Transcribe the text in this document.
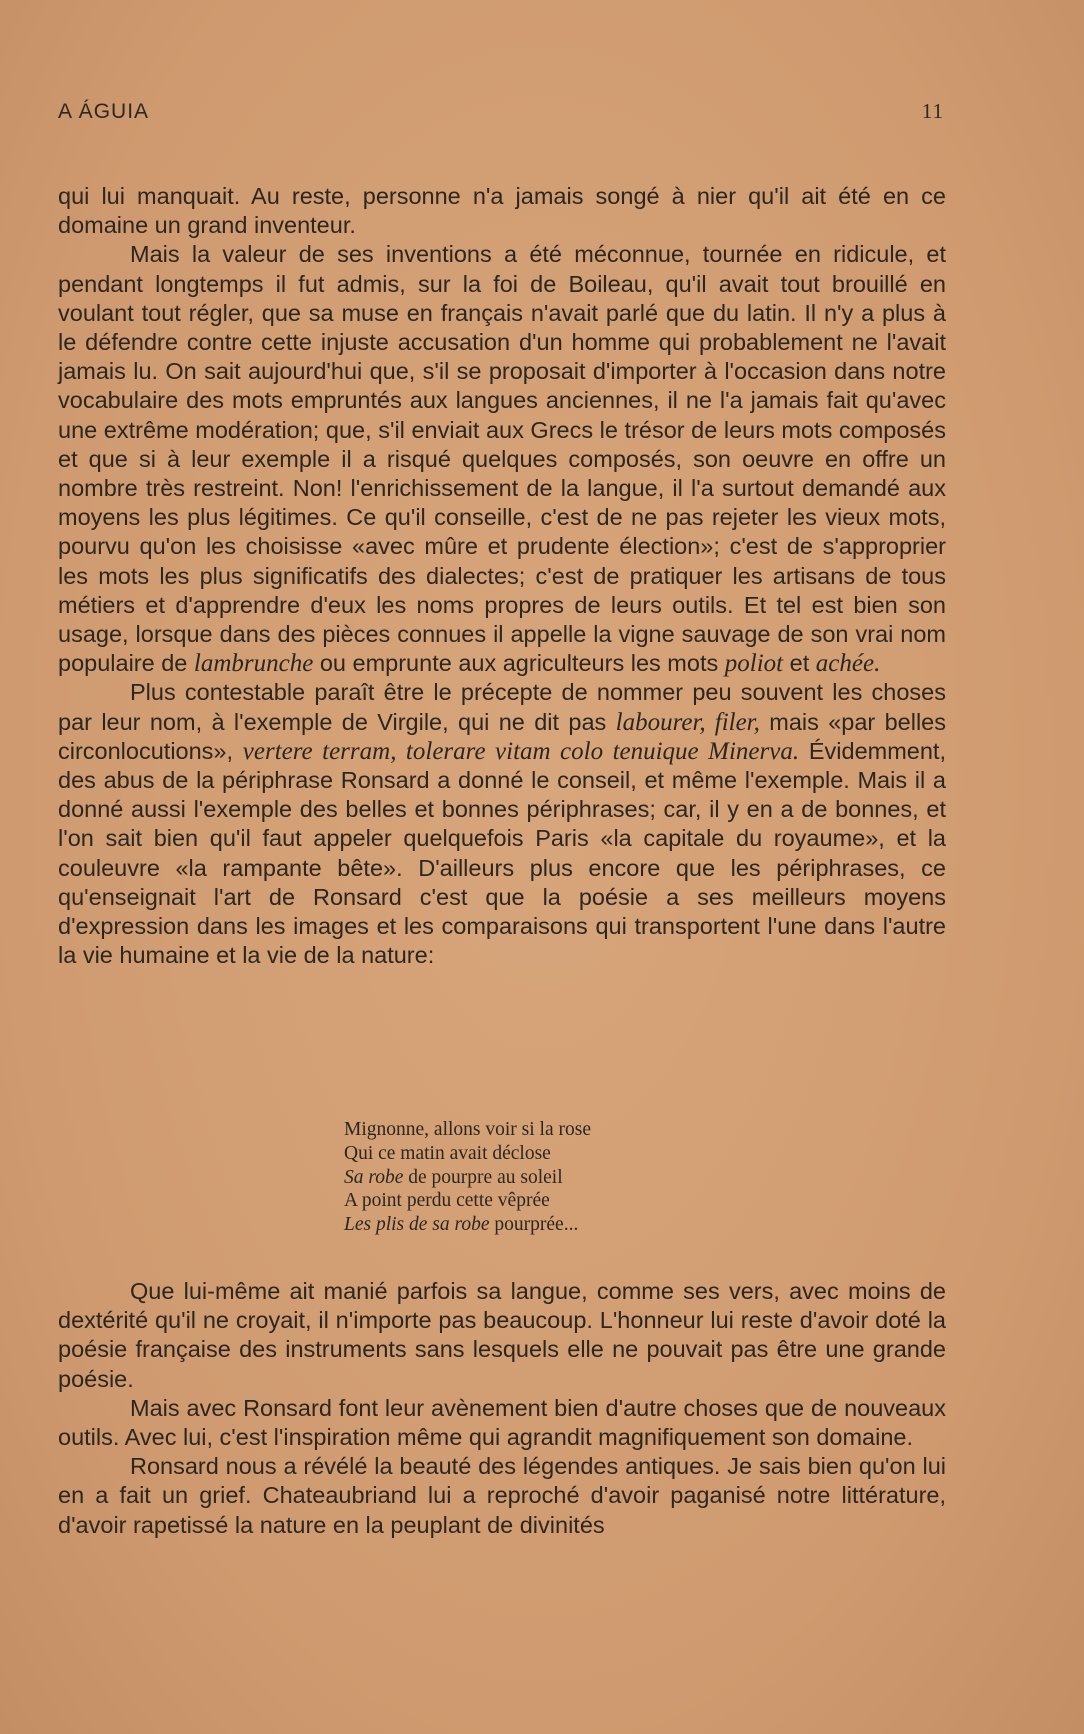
A ÁGUIA	11

qui lui manquait. Au reste, personne n'a jamais songé à nier qu'il ait été en ce domaine un grand inventeur.

Mais la valeur de ses inventions a été méconnue, tournée en ridicule, et pendant longtemps il fut admis, sur la foi de Boileau, qu'il avait tout brouillé en voulant tout régler, que sa muse en français n'avait parlé que du latin. Il n'y a plus à le défendre contre cette injuste accusation d'un homme qui probablement ne l'avait jamais lu. On sait aujourd'hui que, s'il se proposait d'importer à l'occasion dans notre vocabulaire des mots empruntés aux langues anciennes, il ne l'a jamais fait qu'avec une extrême modération; que, s'il enviait aux Grecs le trésor de leurs mots composés et que si à leur exemple il a risqué quelques composés, son oeuvre en offre un nombre très restreint. Non! l'enrichissement de la langue, il l'a surtout demandé aux moyens les plus légitimes. Ce qu'il conseille, c'est de ne pas rejeter les vieux mots, pourvu qu'on les choisisse «avec mûre et prudente élection»; c'est de s'approprier les mots les plus significatifs des dialectes; c'est de pratiquer les artisans de tous métiers et d'apprendre d'eux les noms propres de leurs outils. Et tel est bien son usage, lorsque dans des pièces connues il appelle la vigne sauvage de son vrai nom populaire de lambrunche ou emprunte aux agriculteurs les mots poliot et achée.

Plus contestable paraît être le précepte de nommer peu souvent les choses par leur nom, à l'exemple de Virgile, qui ne dit pas labourer, filer, mais «par belles circonlocutions», vertere terram, tolerare vitam colo tenuique Minerva. Évidemment, des abus de la périphrase Ronsard a donné le conseil, et même l'exemple. Mais il a donné aussi l'exemple des belles et bonnes périphrases; car, il y en a de bonnes, et l'on sait bien qu'il faut appeler quelquefois Paris «la capitale du royaume», et la couleuvre «la rampante bête». D'ailleurs plus encore que les périphrases, ce qu'enseignait l'art de Ronsard c'est que la poésie a ses meilleurs moyens d'expression dans les images et les comparaisons qui transportent l'une dans l'autre la vie humaine et la vie de la nature:

Mignonne, allons voir si la rose
Qui ce matin avait déclose
Sa robe de pourpre au soleil
A point perdu cette vêprée
Les plis de sa robe pourprée...

Que lui-même ait manié parfois sa langue, comme ses vers, avec moins de dextérité qu'il ne croyait, il n'importe pas beaucoup. L'honneur lui reste d'avoir doté la poésie française des instruments sans lesquels elle ne pouvait pas être une grande poésie.

Mais avec Ronsard font leur avènement bien d'autre choses que de nouveaux outils. Avec lui, c'est l'inspiration même qui agrandit magnifiquement son domaine.

Ronsard nous a révélé la beauté des légendes antiques. Je sais bien qu'on lui en a fait un grief. Chateaubriand lui a reproché d'avoir paganisé notre littérature, d'avoir rapetissé la nature en la peuplant de divinités
